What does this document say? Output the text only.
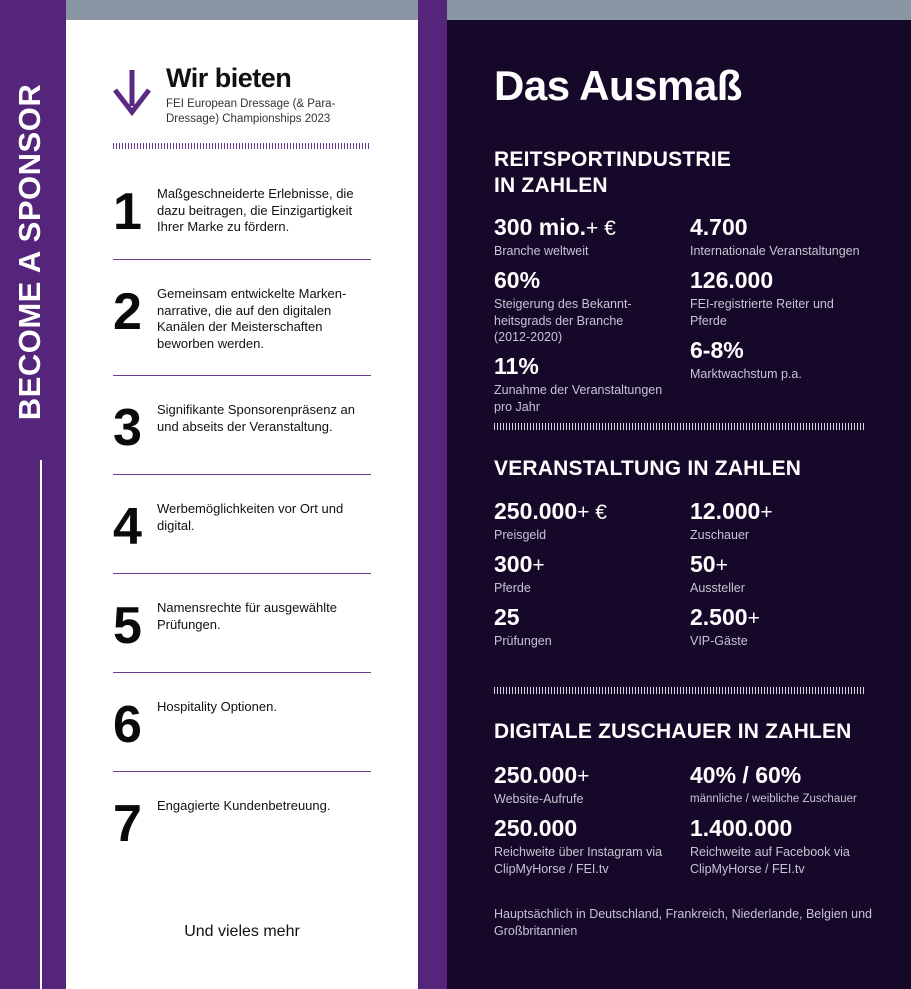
BECOME A SPONSOR
Wir bieten
FEI European Dressage (& Para-Dressage) Championships 2023
1 Maßgeschneiderte Erlebnisse, die dazu beitragen, die Einzigartigkeit Ihrer Marke zu fördern.
2 Gemeinsam entwickelte Marken-narrative, die auf den digitalen Kanälen der Meisterschaften beworben werden.
3 Signifikante Sponsorenpräsenz an und abseits der Veranstaltung.
4 Werbemöglichkeiten vor Ort und digital.
5 Namensrechte für ausgewählte Prüfungen.
6 Hospitality Optionen.
7 Engagierte Kundenbetreuung.
Und vieles mehr
Das Ausmaß
REITSPORTINDUSTRIE
IN ZAHLEN
300 mio.+ €
Branche weltweit
4.700
Internationale Veranstaltungen
60%
Steigerung des Bekannt-heitsgrads der Branche (2012-2020)
126.000
FEI-registrierte Reiter und Pferde
6-8%
Marktwachstum p.a.
11%
Zunahme der Veranstaltungen pro Jahr
VERANSTALTUNG IN ZAHLEN
250.000+ €
Preisgeld
12.000+
Zuschauer
300+
Pferde
50+
Aussteller
25
Prüfungen
2.500+
VIP-Gäste
DIGITALE ZUSCHAUER IN ZAHLEN
250.000+
Website-Aufrufe
40% / 60%
männliche / weibliche Zuschauer
250.000
Reichweite über Instagram via ClipMyHorse / FEI.tv
1.400.000
Reichweite auf Facebook via ClipMyHorse / FEI.tv
Hauptsächlich in Deutschland, Frankreich, Niederlande, Belgien und Großbritannien
